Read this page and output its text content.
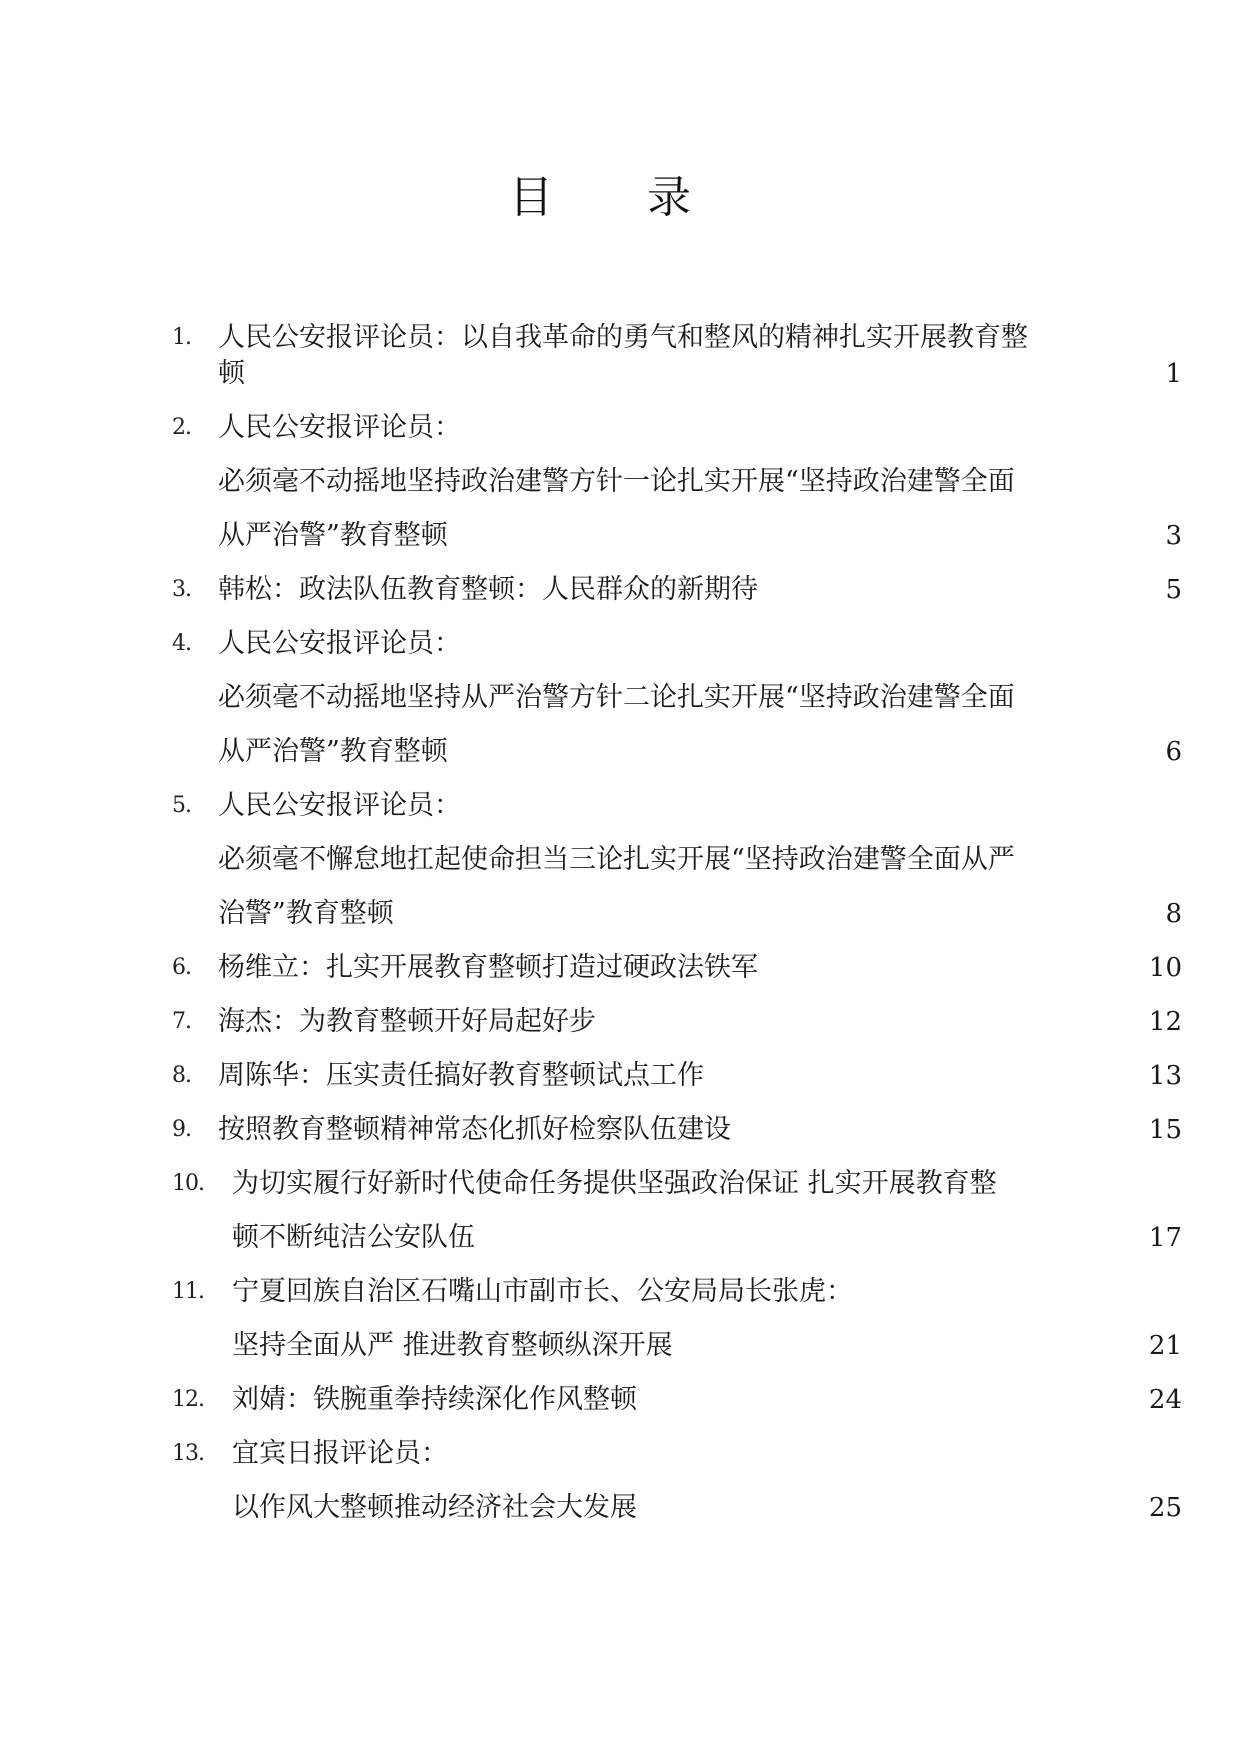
目 录
1.	人民公安报评论员：以自我革命的勇气和整风的精神扎实开展教育整
顿	1
2.	人民公安报评论员：
必须毫不动摇地坚持政治建警方针一论扎实开展“坚持政治建警全面
从严治警”教育整顿	3
3.	韩松：政法队伍教育整顿：人民群众的新期待	5
4.	人民公安报评论员：
必须毫不动摇地坚持从严治警方针二论扎实开展“坚持政治建警全面
从严治警”教育整顿	6
5.	人民公安报评论员：
必须毫不懈怠地扛起使命担当三论扎实开展“坚持政治建警全面从严
治警”教育整顿	8
6.	杨维立：扎实开展教育整顿打造过硬政法铁军	10
7.	海杰：为教育整顿开好局起好步	12
8.	周陈华：压实责任搞好教育整顿试点工作	13
9.	按照教育整顿精神常态化抓好检察队伍建设	15
10. 为切实履行好新时代使命任务提供坚强政治保证 扎实开展教育整
顿不断纯洁公安队伍	17
11. 宁夏回族自治区石嘴山市副市长、公安局局长张虎：
坚持全面从严 推进教育整顿纵深开展	21
12. 刘婧：铁腕重拳持续深化作风整顿	24
13. 宜宾日报评论员：
以作风大整顿推动经济社会大发展	25
